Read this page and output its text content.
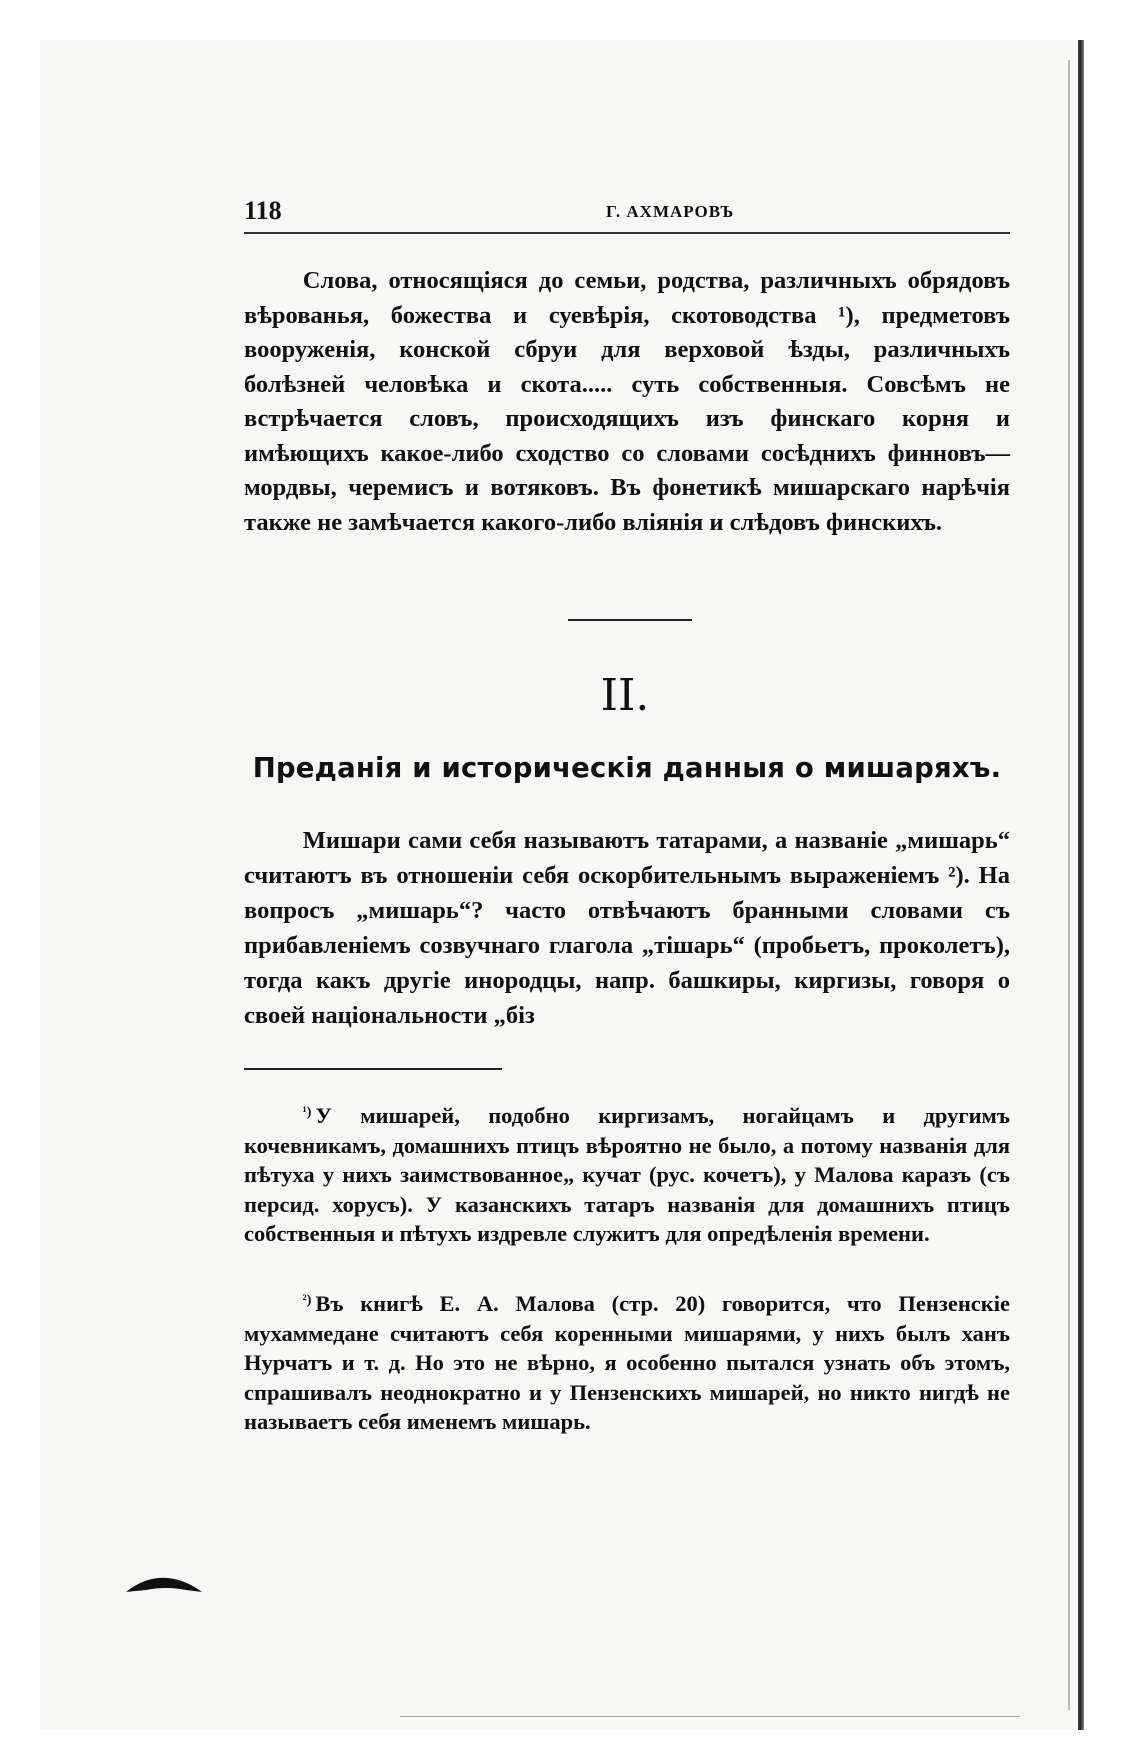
118	Г. АХМАРОВЪ

Слова, относящіяся до семьи, родства, различныхъ обрядовъ вѣрованья, божества и суевѣрія, скотоводства ¹), предметовъ вооруженія, конской сбруи для верховой ѣзды, различныхъ болѣзней человѣка и скота..... суть собственныя. Совсѣмъ не встрѣчается словъ, происходящихъ изъ финскаго корня и имѣющихъ какое-либо сходство со словами сосѣднихъ финновъ—мордвы, черемисъ и вотяковъ. Въ фонетикѣ мишарскаго нарѣчія также не замѣчается какого-либо вліянія и слѣдовъ финскихъ.

II.
Преданія и историческія данныя о мишаряхъ.

Мишари сами себя называютъ татарами, а названіе „мишарь“ считаютъ въ отношеніи себя оскорбительнымъ выраженіемъ ²). На вопросъ „мишарь“? часто отвѣчаютъ бранными словами съ прибавленіемъ созвучнаго глагола „тішарь“ (пробьетъ, проколетъ), тогда какъ другіе инородцы, напр. башкиры, киргизы, говоря о своей національности „біз

$^{^1)}$ У мишарей, подобно киргизамъ, ногайцамъ и другимъ кочевникамъ, домашнихъ птицъ вѣроятно не было, а потому названія для пѣтуха у нихъ заимствованное„ кучат (рус. кочетъ), у Малова каразъ (съ персид. хорусъ). У казанскихъ татаръ названія для домашнихъ птицъ собственныя и пѣтухъ издревле служитъ для опредѣленія времени.

$^{^2)}$ Въ книгѣ Е. А. Малова (стр. 20) говорится, что Пензенскіе мухаммедане считаютъ себя коренными мишарями, у нихъ былъ ханъ Нурчатъ и т. д. Но это не вѣрно, я особенно пытался узнать объ этомъ, спрашивалъ неоднократно и у Пензенскихъ мишарей, но никто нигдѣ не называетъ себя именемъ мишарь.
